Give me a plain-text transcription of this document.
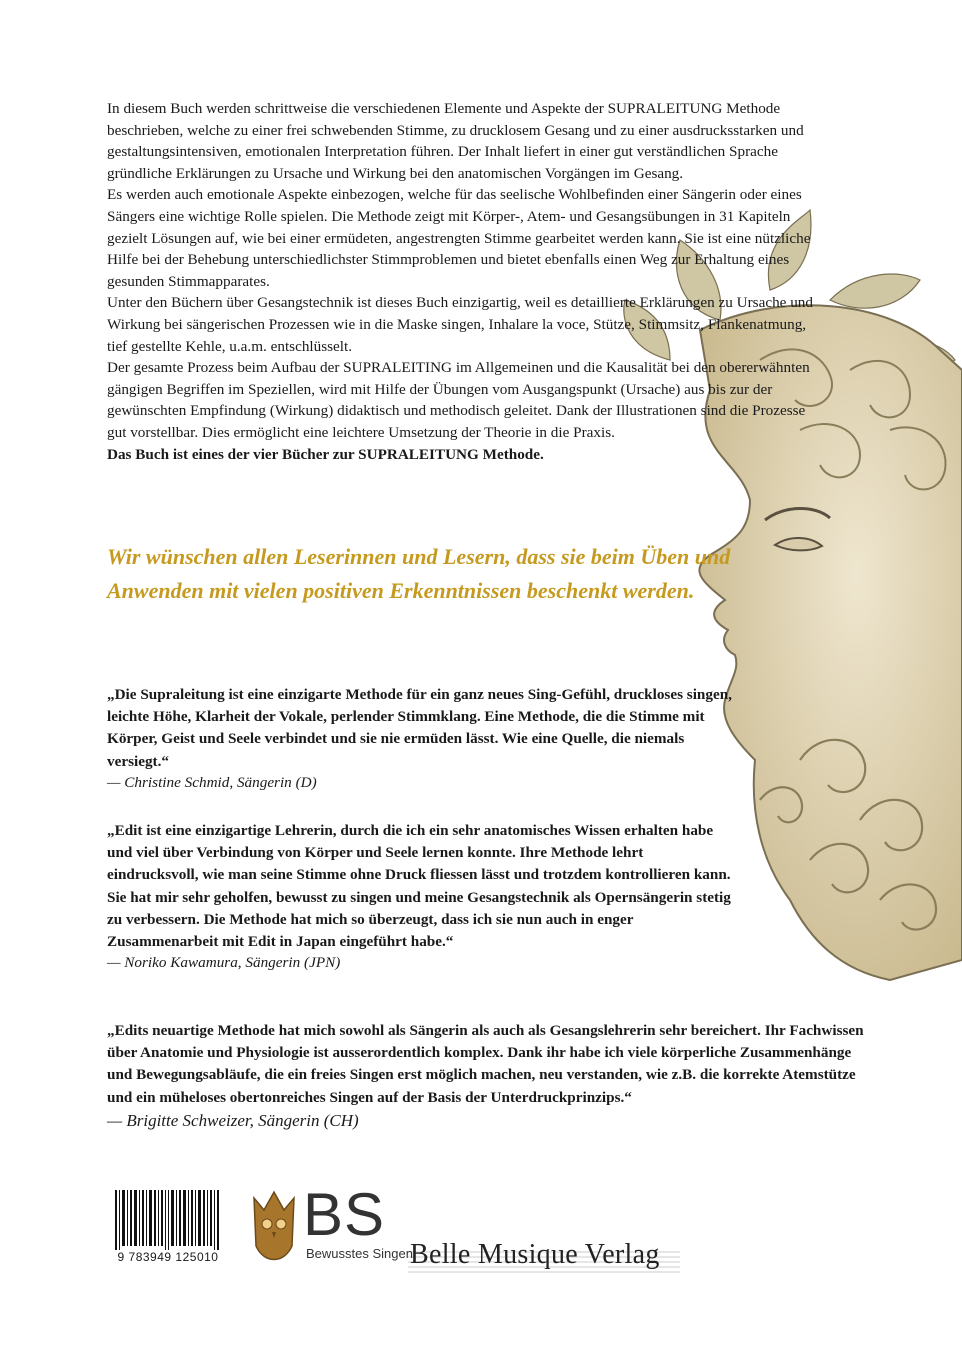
In diesem Buch werden schrittweise die verschiedenen Elemente und Aspekte der SUPRALEITUNG Methode beschrieben, welche zu einer frei schwebenden Stimme, zu drucklosem Gesang und zu einer ausdrucksstarken und gestaltungsintensiven, emotionalen Interpretation führen. Der Inhalt liefert in einer gut verständlichen Sprache gründliche Erklärungen zu Ursache und Wirkung bei den anatomischen Vorgängen im Gesang.
Es werden auch emotionale Aspekte einbezogen, welche für das seelische Wohlbefinden einer Sängerin oder eines Sängers eine wichtige Rolle spielen. Die Methode zeigt mit Körper-, Atem- und Gesangsübungen in 31 Kapiteln gezielt Lösungen auf, wie bei einer ermüdeten, angestrengten Stimme gearbeitet werden kann. Sie ist eine nützliche Hilfe bei der Behebung unterschiedlichster Stimmproblemen und bietet ebenfalls einen Weg zur Erhaltung eines gesunden Stimmapparates.
Unter den Büchern über Gesangstechnik ist dieses Buch einzigartig, weil es detaillierte Erklärungen zu Ursache und Wirkung bei sängerischen Prozessen wie in die Maske singen, Inhalare la voce, Stütze, Stimmsitz, Flankenatmung, tief gestellte Kehle, u.a.m. entschlüsselt.
Der gesamte Prozess beim Aufbau der SUPRALEITING im Allgemeinen und die Kausalität bei den obererwähnten gängigen Begriffen im Speziellen, wird mit Hilfe der Übungen vom Ausgangspunkt (Ursache) aus bis zur der gewünschten Empfindung (Wirkung) didaktisch und methodisch geleitet. Dank der Illustrationen sind die Prozesse gut vorstellbar. Dies ermöglicht eine leichtere Umsetzung der Theorie in die Praxis.
Das Buch ist eines der vier Bücher zur SUPRALEITUNG Methode.

Wir wünschen allen Leserinnen und Lesern, dass sie beim Üben und Anwenden mit vielen positiven Erkenntnissen beschenkt werden.

„Die Supraleitung ist eine einzigarte Methode für ein ganz neues Sing-Gefühl, druckloses singen, leichte Höhe, Klarheit der Vokale, perlender Stimmklang. Eine Methode, die die Stimme mit Körper, Geist und Seele verbindet und sie nie ermüden lässt. Wie eine Quelle, die niemals versiegt.“

— Christine Schmid, Sängerin (D)

„Edit ist eine einzigartige Lehrerin, durch die ich ein sehr anatomisches Wissen erhalten habe und viel über Verbindung von Körper und Seele lernen konnte. Ihre Methode lehrt eindrucksvoll, wie man seine Stimme ohne Druck fliessen lässt und trotzdem kontrollieren kann. Sie hat mir sehr geholfen, bewusst zu singen und meine Gesangstechnik als Opernsängerin stetig zu verbessern. Die Methode hat mich so überzeugt, dass ich sie nun auch in enger Zusammenarbeit mit Edit in Japan eingeführt habe.“

— Noriko Kawamura, Sängerin (JPN)

„Edits neuartige Methode hat mich sowohl als Sängerin als auch als Gesangslehrerin sehr bereichert. Ihr Fachwissen über Anatomie und Physiologie ist ausserordentlich komplex. Dank ihr habe ich viele körperliche Zusammenhänge und Bewegungsabläufe, die ein freies Singen erst möglich machen, neu verstanden, wie z.B. die korrekte Atemstütze und ein müheloses obertonreiches Singen auf der Basis der Unterdruckprinzips.“

— Brigitte Schweizer, Sängerin (CH)

9 783949 125010
BS
Bewusstes Singen
Belle Musique Verlag
